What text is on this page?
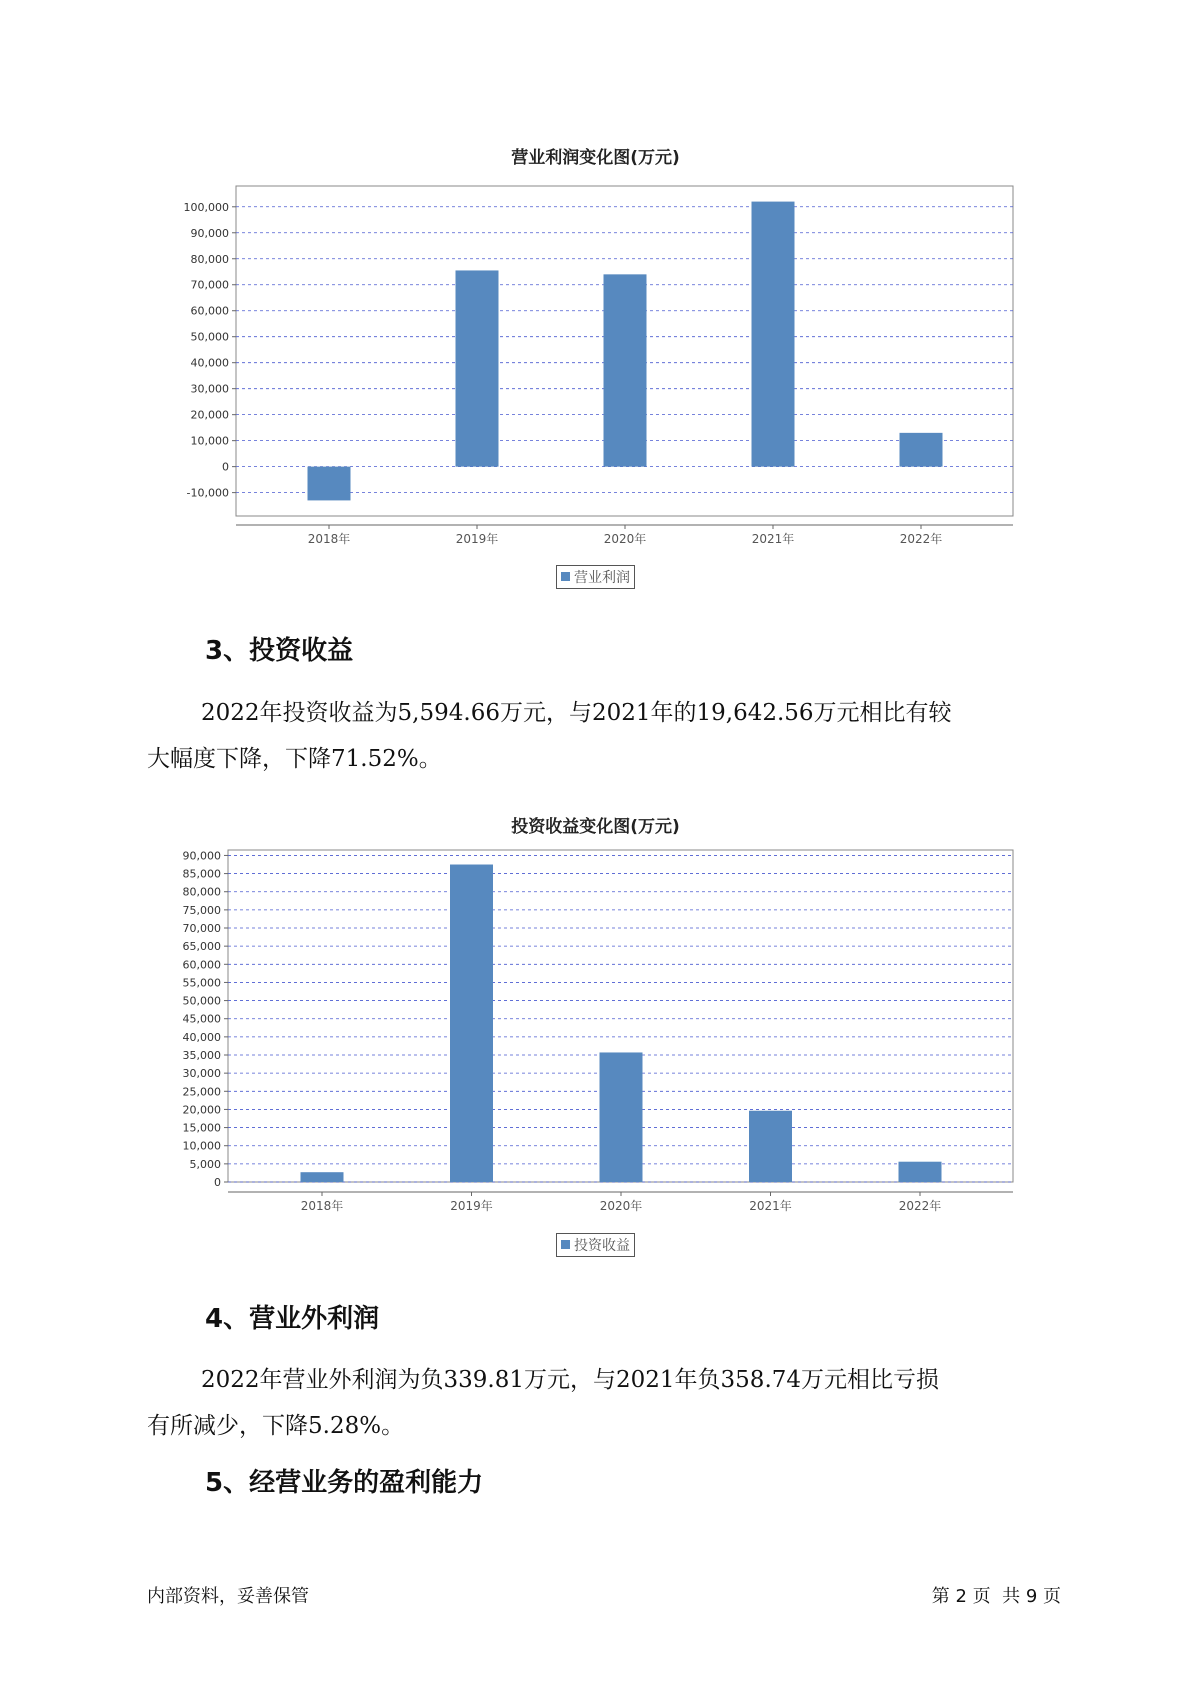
营业利润变化图(万元)
100,000
90,000
80,000
70,000
60,000
50,000
40,000
30,000
20,000
10,000
0
-10,000
2018年	2019年	2020年	2021年	2022年
营业利润
3、投资收益
2022年投资收益为5,594.66万元，与2021年的19,642.56万元相比有较
大幅度下降，下降71.52%。
投资收益变化图(万元)
90,000
85,000
80,000
75,000
70,000
65,000
60,000
55,000
50,000
45,000
40,000
35,000
30,000
25,000
20,000
15,000
10,000
5,000
0
2018年	2019年	2020年	2021年	2022年
投资收益
4、营业外利润
2022年营业外利润为负339.81万元，与2021年负358.74万元相比亏损
有所减少，下降5.28%。
5、经营业务的盈利能力
内部资料，妥善保管	第 2 页  共 9 页
